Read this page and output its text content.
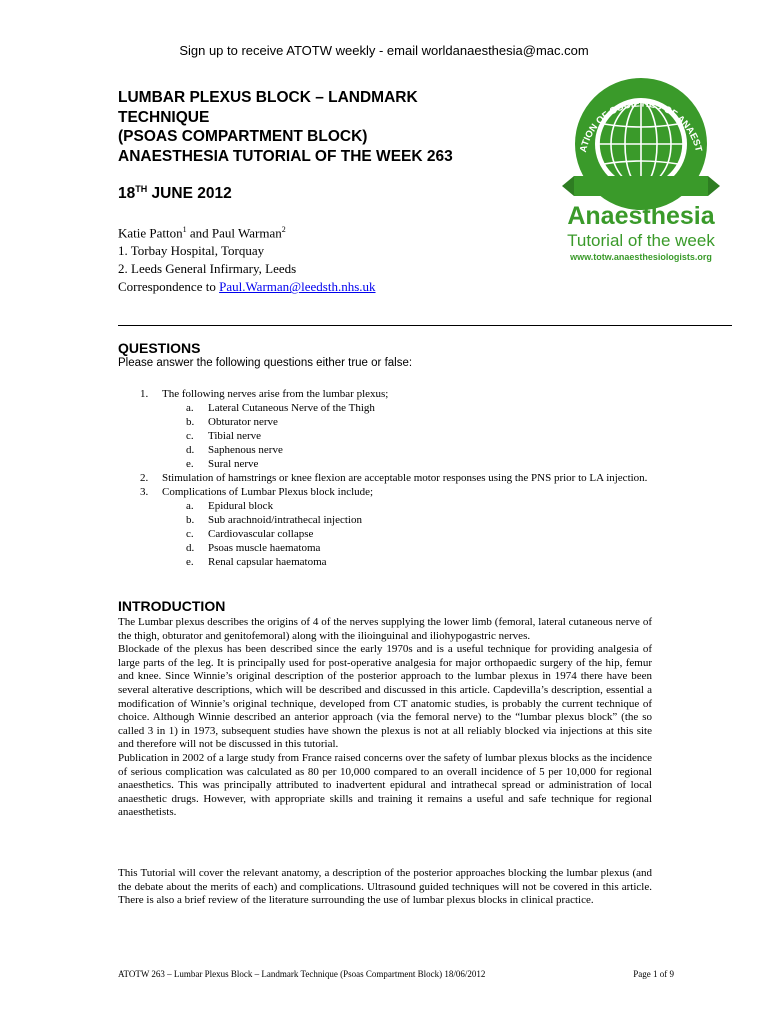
Sign up to receive ATOTW weekly - email worldanaesthesia@mac.com
LUMBAR PLEXUS BLOCK – LANDMARK
TECHNIQUE
(PSOAS COMPARTMENT BLOCK)
ANAESTHESIA TUTORIAL OF THE WEEK 263
18TH JUNE 2012
Katie Patton$^1$ and Paul Warman$^2$
1. Torbay Hospital, Torquay
2. Leeds General Infirmary, Leeds
Correspondence to Paul.Warman@leedsth.nhs.uk
ATION OF SOCIETIES OF ANAEST
Anaesthesia
Tutorial of the week
www.totw.anaesthesiologists.org
QUESTIONS
Please answer the following questions either true or false:
1. The following nerves arise from the lumbar plexus;
a. Lateral Cutaneous Nerve of the Thigh
b. Obturator nerve
c. Tibial nerve
d. Saphenous nerve
e. Sural nerve
2. Stimulation of hamstrings or knee flexion are acceptable motor responses using the PNS prior to LA injection.
3. Complications of Lumbar Plexus block include;
a. Epidural block
b. Sub arachnoid/intrathecal injection
c. Cardiovascular collapse
d. Psoas muscle haematoma
e. Renal capsular haematoma
INTRODUCTION

The Lumbar plexus describes the origins of 4 of the nerves supplying the lower limb (femoral, lateral cutaneous nerve of the thigh, obturator and genitofemoral) along with the ilioinguinal and iliohypogastric nerves.

Blockade of the plexus has been described since the early 1970s and is a useful technique for providing analgesia of large parts of the leg. It is principally used for post-operative analgesia for major orthopaedic surgery of the hip, femur and knee. Since Winnie’s original description of the posterior approach to the lumbar plexus in 1974 there have been several alterative descriptions, which will be described and discussed in this article. Capdevilla’s description, essential a modification of Winnie’s original technique, developed from CT anatomic studies, is probably the current technique of choice. Although Winnie described an anterior approach (via the femoral nerve) to the “lumbar plexus block” (the so called 3 in 1) in 1973, subsequent studies have shown the plexus is not at all reliably blocked via injections at this site and therefore will not be discussed in this tutorial.

Publication in 2002 of a large study from France raised concerns over the safety of lumbar plexus blocks as the incidence of serious complication was calculated as 80 per 10,000 compared to an overall incidence of 5 per 10,000 for regional anaesthetics. This was principally attributed to inadvertent epidural and intrathecal spread or administration of local anaesthetic drugs. However, with appropriate skills and training it remains a useful and safe technique for regional anaesthetists.

This Tutorial will cover the relevant anatomy, a description of the posterior approaches blocking the lumbar plexus (and the debate about the merits of each) and complications. Ultrasound guided techniques will not be covered in this article. There is also a brief review of the literature surrounding the use of lumbar plexus blocks in clinical practice.

ATOTW 263 – Lumbar Plexus Block – Landmark Technique (Psoas Compartment Block) 18/06/2012	Page 1 of 9
